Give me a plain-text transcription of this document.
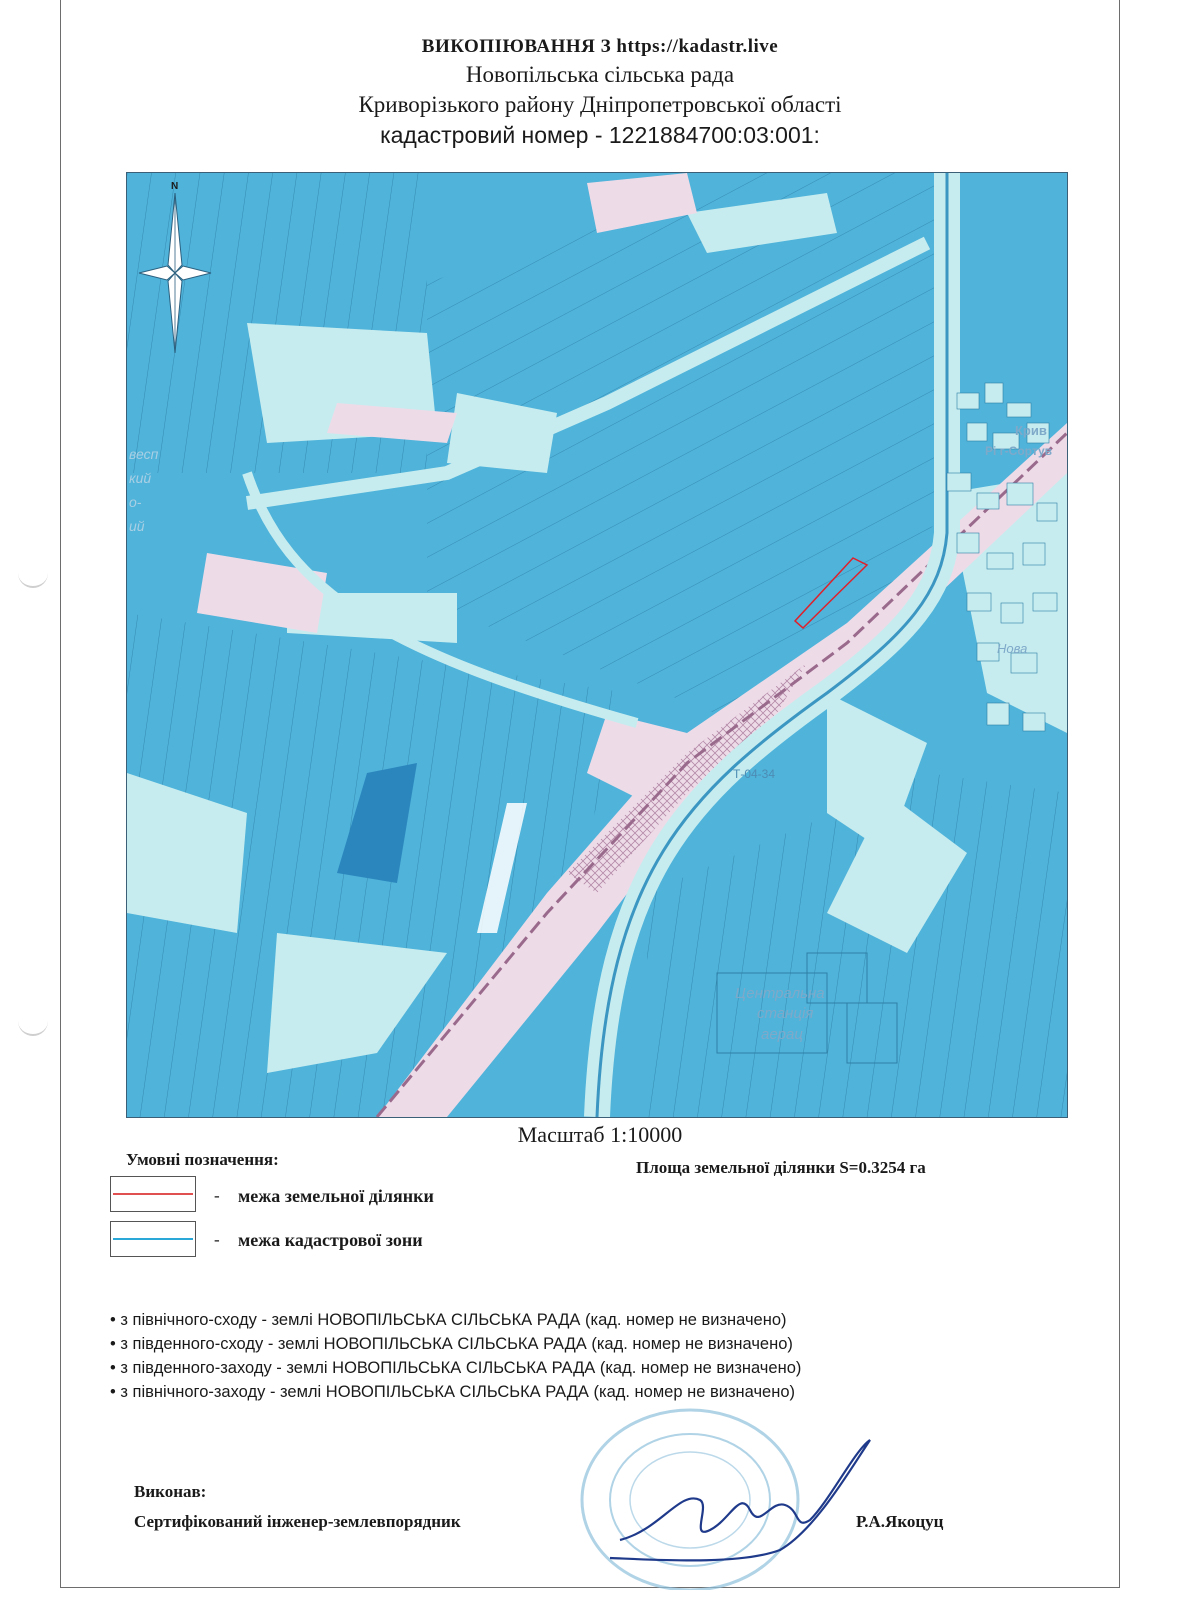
ВИКОПІЮВАННЯ З https://kadastr.live
Новопільська сільська рада
Криворізького району Дніпропетровської області
кадастровий номер - 1221884700:03:001:
N
Крив
Рі г-Сортув
Т-04-34
Центральна
станція
аерац
весп
кий
о-
ий
Нова
Масштаб 1:10000
Умовні позначення:	Площа земельної ділянки S=0.3254 га
- межа земельної ділянки
- межа кадастрової зони
• з північного-сходу - землі НОВОПІЛЬСЬКА СІЛЬСЬКА РАДА (кад. номер не визначено)
• з південного-сходу - землі НОВОПІЛЬСЬКА СІЛЬСЬКА РАДА (кад. номер не визначено)
• з південного-заходу - землі НОВОПІЛЬСЬКА СІЛЬСЬКА РАДА (кад. номер не визначено)
• з північного-заходу - землі НОВОПІЛЬСЬКА СІЛЬСЬКА РАДА (кад. номер не визначено)
Виконав:
Сертифікований інженер-землевпорядник	Р.А.Якоцуц
